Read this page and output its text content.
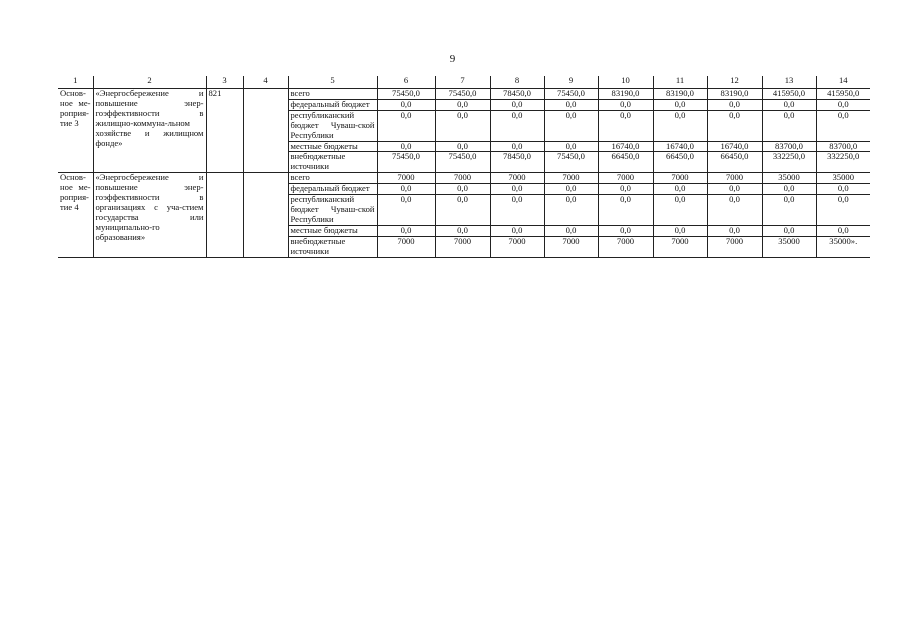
9
1	2	3	4	5	6	7	8	9	10	11	12	13	14
Основ-ное ме-роприя-тие 3	«Энергосбережение и повышение энер-гоэффективности в жилищно-коммуна-льном хозяйстве и жилищном фонде»	821		всего	75450,0	75450,0	78450,0	75450,0	83190,0	83190,0	83190,0	415950,0	415950,0
				федеральный бюджет	0,0	0,0	0,0	0,0	0,0	0,0	0,0	0,0	0,0
				республиканский бюджет Чуваш-ской Республики	0,0	0,0	0,0	0,0	0,0	0,0	0,0	0,0	0,0
				местные бюджеты	0,0	0,0	0,0	0,0	16740,0	16740,0	16740,0	83700,0	83700,0
				внебюджетные источники	75450,0	75450,0	78450,0	75450,0	66450,0	66450,0	66450,0	332250,0	332250,0
Основ-ное ме-роприя-тие 4	«Энергосбережение и повышение энер-гоэффективности в организациях с уча-стием государства или муниципально-го образования»			всего	7000	7000	7000	7000	7000	7000	7000	35000	35000
				федеральный бюджет	0,0	0,0	0,0	0,0	0,0	0,0	0,0	0,0	0,0
				республиканский бюджет Чуваш-ской Республики	0,0	0,0	0,0	0,0	0,0	0,0	0,0	0,0	0,0
				местные бюджеты	0,0	0,0	0,0	0,0	0,0	0,0	0,0	0,0	0,0
				внебюджетные источники	7000	7000	7000	7000	7000	7000	7000	35000	35000».
